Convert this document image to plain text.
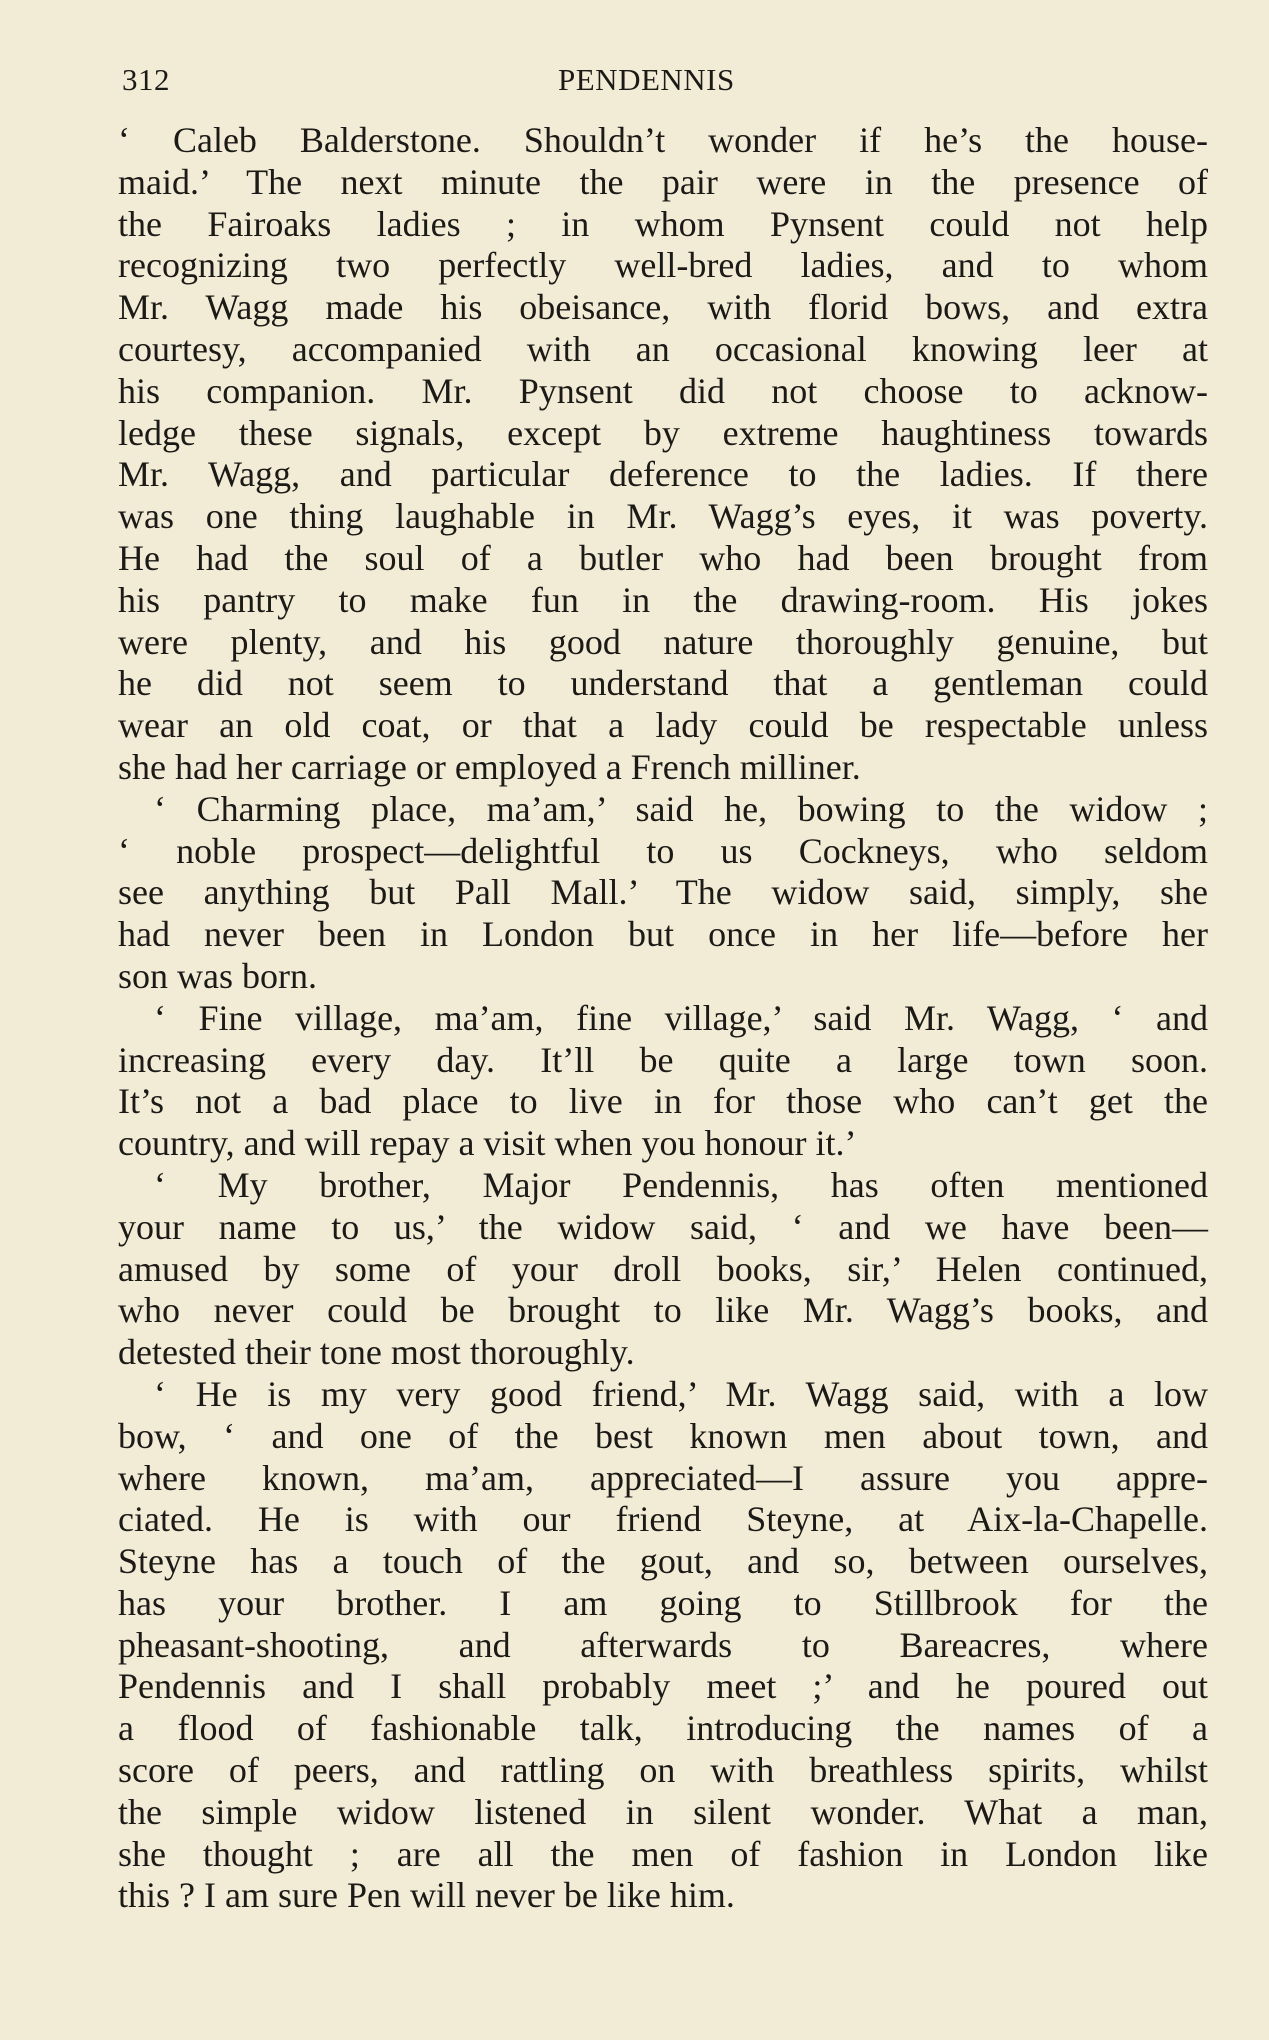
312	PENDENNIS
‘ Caleb Balderstone. Shouldn’t wonder if he’s the house-
maid.’ The next minute the pair were in the presence of
the Fairoaks ladies ; in whom Pynsent could not help
recognizing two perfectly well-bred ladies, and to whom
Mr. Wagg made his obeisance, with florid bows, and extra
courtesy, accompanied with an occasional knowing leer at
his companion. Mr. Pynsent did not choose to acknow-
ledge these signals, except by extreme haughtiness towards
Mr. Wagg, and particular deference to the ladies. If there
was one thing laughable in Mr. Wagg’s eyes, it was poverty.
He had the soul of a butler who had been brought from
his pantry to make fun in the drawing-room. His jokes
were plenty, and his good nature thoroughly genuine, but
he did not seem to understand that a gentleman could
wear an old coat, or that a lady could be respectable unless
she had her carriage or employed a French milliner.
‘ Charming place, ma’am,’ said he, bowing to the widow ;
‘ noble prospect—delightful to us Cockneys, who seldom
see anything but Pall Mall.’ The widow said, simply, she
had never been in London but once in her life—before her
son was born.
‘ Fine village, ma’am, fine village,’ said Mr. Wagg, ‘ and
increasing every day. It’ll be quite a large town soon.
It’s not a bad place to live in for those who can’t get the
country, and will repay a visit when you honour it.’
‘ My brother, Major Pendennis, has often mentioned
your name to us,’ the widow said, ‘ and we have been—
amused by some of your droll books, sir,’ Helen continued,
who never could be brought to like Mr. Wagg’s books, and
detested their tone most thoroughly.
‘ He is my very good friend,’ Mr. Wagg said, with a low
bow, ‘ and one of the best known men about town, and
where known, ma’am, appreciated—I assure you appre-
ciated. He is with our friend Steyne, at Aix-la-Chapelle.
Steyne has a touch of the gout, and so, between ourselves,
has your brother. I am going to Stillbrook for the
pheasant-shooting, and afterwards to Bareacres, where
Pendennis and I shall probably meet ;’ and he poured out
a flood of fashionable talk, introducing the names of a
score of peers, and rattling on with breathless spirits, whilst
the simple widow listened in silent wonder. What a man,
she thought ; are all the men of fashion in London like
this ? I am sure Pen will never be like him.
